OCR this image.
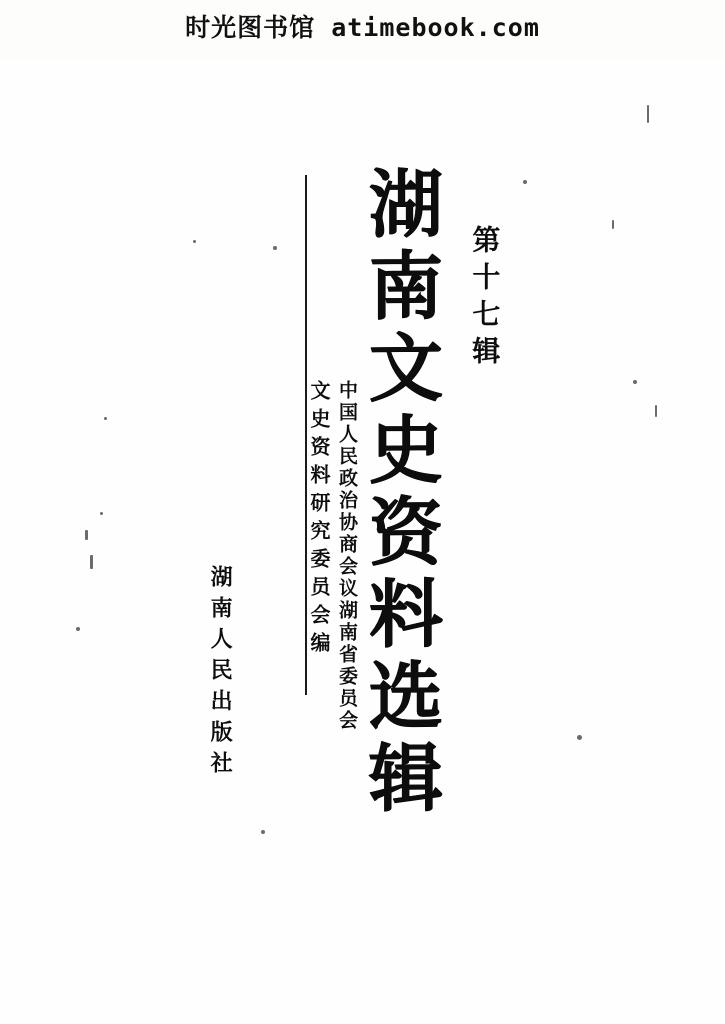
时光图书馆 atimebook.com
湖南文史资料选辑 第十七辑
中国人民政治协商会议湖南省委员会
文史资料研究委员会编
湖南人民出版社
